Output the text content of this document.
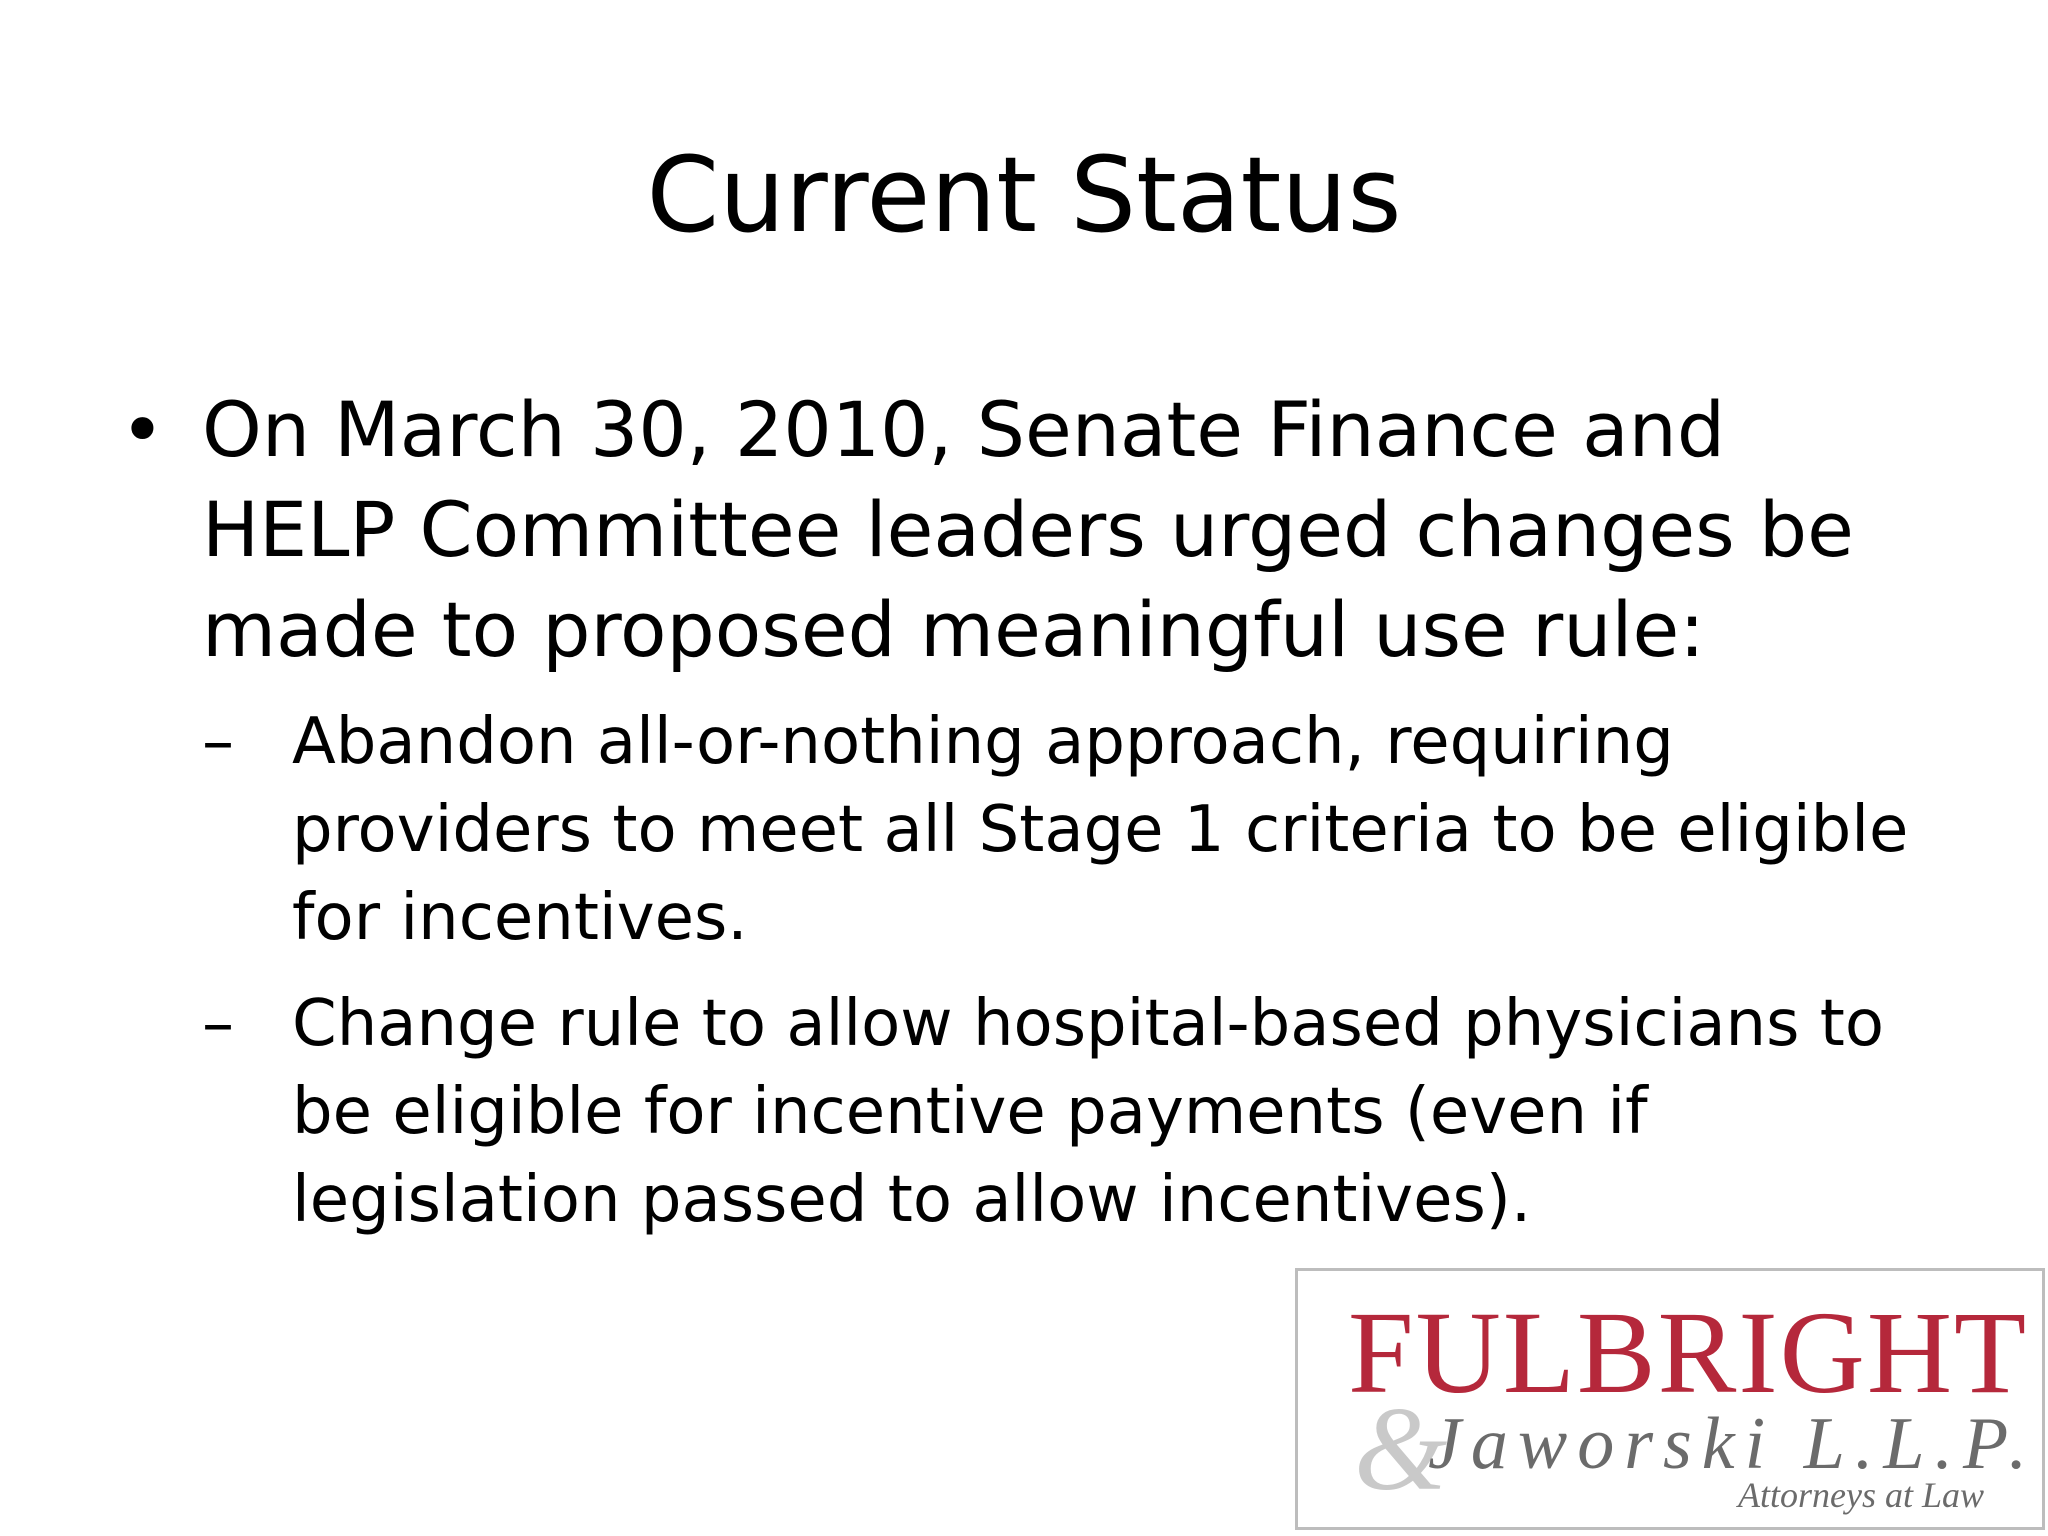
Current Status
• On March 30, 2010, Senate Finance and HELP Committee leaders urged changes be made to proposed meaningful use rule:
– Abandon all-or-nothing approach, requiring providers to meet all Stage 1 criteria to be eligible for incentives.
– Change rule to allow hospital-based physicians to be eligible for incentive payments (even if legislation passed to allow incentives).
FULBRIGHT
&
Jaworski L.L.P.
Attorneys at Law
